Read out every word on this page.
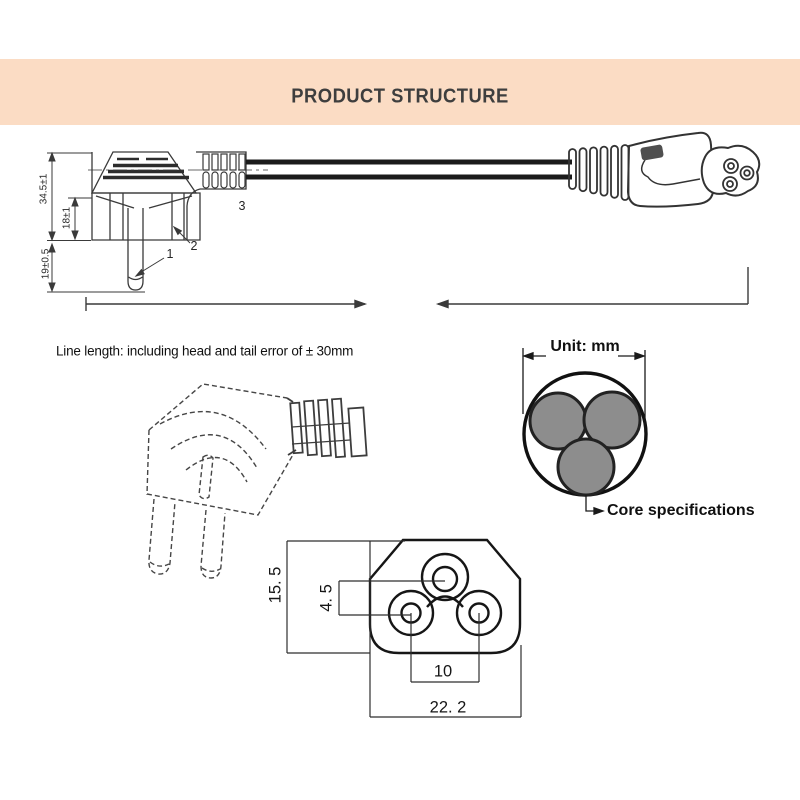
PRODUCT STRUCTURE
34.5±1
18±1
19±0.5	1
2
3
Line length: including head and tail error of ± 30mm	Unit: mm
Core specifications
15. 5 4. 5
10
22. 2
